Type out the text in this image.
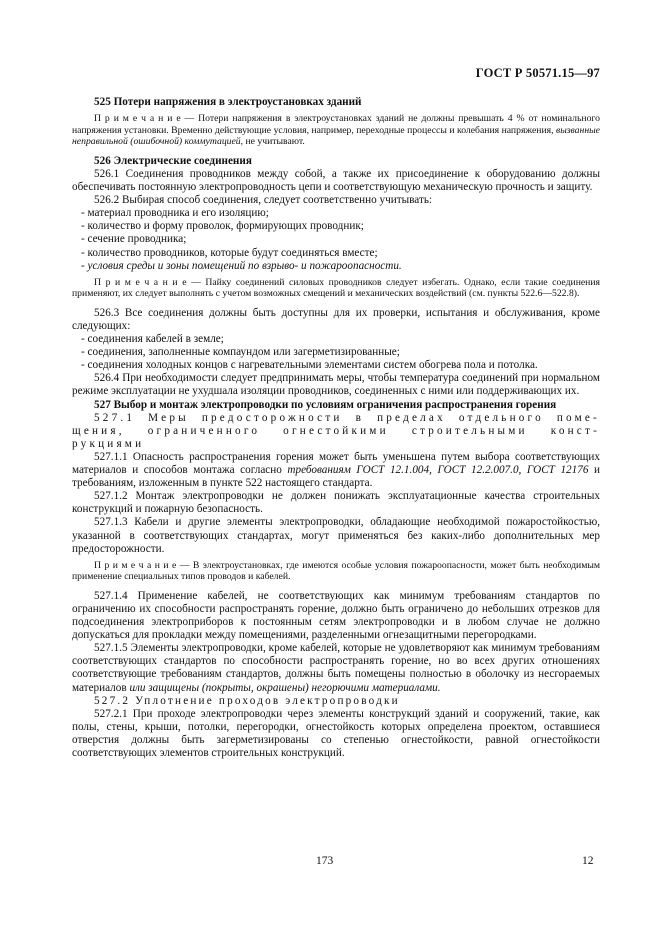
ГОСТ Р 50571.15—97

525 Потери напряжения в электроустановках зданий

П р и м е ч а н и е — Потери напряжения в электроустановках зданий не должны превышать 4 % от номинального напряжения установки. Временно действующие условия, например, переходные процессы и колебания напряжения, вызванные неправильной (ошибочной) коммутацией, не учитывают.

526 Электрические соединения

526.1 Соединения проводников между собой, а также их присоединение к оборудованию должны обеспечивать постоянную электропроводность цепи и соответствующую механическую прочность и защиту.

526.2 Выбирая способ соединения, следует соответственно учитывать:

- материал проводника и его изоляцию;

- количество и форму проволок, формирующих проводник;

- сечение проводника;

- количество проводников, которые будут соединяться вместе;

- условия среды и зоны помещений по взрыво- и пожароопасности.

П р и м е ч а н и е — Пайку соединений силовых проводников следует избегать. Однако, если такие соединения применяют, их следует выполнять с учетом возможных смещений и механических воздействий (см. пункты 522.6—522.8).

526.3 Все соединения должны быть доступны для их проверки, испытания и обслуживания, кроме следующих:

- соединения кабелей в земле;

- соединения, заполненные компаундом или загерметизированные;

- соединения холодных концов с нагревательными элементами систем обогрева пола и потолка.

526.4 При необходимости следует предпринимать меры, чтобы температура соединений при нормальном режиме эксплуатации не ухудшала изоляции проводников, соединенных с ними или поддерживающих их.

527 Выбор и монтаж электропроводки по условиям ограничения распространения горения

527.1 Меры предосторожности в пределах отдельного поме-

щения, ограниченного огнестойкими строительными конст-

рукциями

527.1.1 Опасность распространения горения может быть уменьшена путем выбора соответствующих материалов и способов монтажа согласно требованиям ГОСТ 12.1.004, ГОСТ 12.2.007.0, ГОСТ 12176 и требованиям, изложенным в пункте 522 настоящего стандарта.

527.1.2 Монтаж электропроводки не должен понижать эксплуатационные качества строительных конструкций и пожарную безопасность.

527.1.3 Кабели и другие элементы электропроводки, обладающие необходимой пожаростойкостью, указанной в соответствующих стандартах, могут применяться без каких-либо дополнительных мер предосторожности.

П р и м е ч а н и е — В электроустановках, где имеются особые условия пожароопасности, может быть необходимым применение специальных типов проводов и кабелей.

527.1.4 Применение кабелей, не соответствующих как минимум требованиям стандартов по ограничению их способности распространять горение, должно быть ограничено до небольших отрезков для подсоединения электроприборов к постоянным сетям электропроводки и в любом случае не должно допускаться для прокладки между помещениями, разделенными огнезащитными перегородками.

527.1.5 Элементы электропроводки, кроме кабелей, которые не удовлетворяют как минимум требованиям соответствующих стандартов по способности распространять горение, но во всех других отношениях соответствующие требованиям стандартов, должны быть помещены полностью в оболочку из несгораемых материалов или защищены (покрыты, окрашены) негорючими материалами.

527.2 Уплотнение проходов электропроводки

527.2.1 При проходе электропроводки через элементы конструкций зданий и сооружений, такие, как полы, стены, крыши, потолки, перегородки, огнестойкость которых определена проектом, оставшиеся отверстия должны быть загерметизированы со степенью огнестойкости, равной огнестойкости соответствующих элементов строительных конструкций.

173	12
